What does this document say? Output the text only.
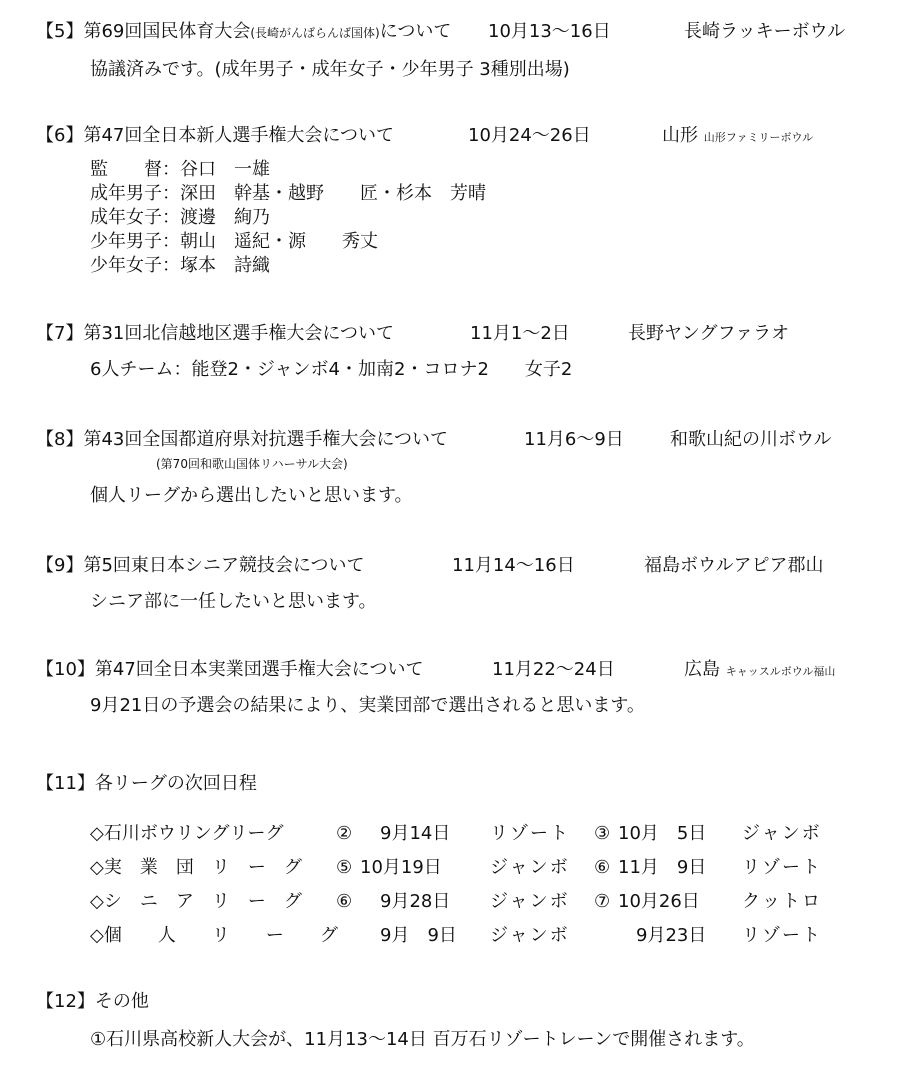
【5】第69回国民体育大会(長崎がんばらんば国体)について 10月13～16日	長崎ラッキーボウル
協議済みです。(成年男子・成年女子・少年男子 3種別出場)
【6】第47回全日本新人選手権大会について	10月24～26日	山形 山形ファミリーボウル
監　　督：谷口　一雄
成年男子：深田　幹基・越野　　匠・杉本　芳晴
成年女子：渡邊　絢乃
少年男子：朝山　遥紀・源　　秀丈
少年女子：塚本　詩織
【7】第31回北信越地区選手権大会について	11月1～2日	長野ヤングファラオ
6人チーム：能登2・ジャンボ4・加南2・コロナ2　　女子2
【8】第43回全国都道府県対抗選手権大会について	11月6～9日	和歌山紀の川ボウル
(第70回和歌山国体リハーサル大会)
個人リーグから選出したいと思います。
【9】第5回東日本シニア競技会について	11月14～16日	福島ボウルアピア郡山
シニア部に一任したいと思います。
【10】第47回全日本実業団選手権大会について	11月22～24日	広島 キャッスルボウル福山
9月21日の予選会の結果により、実業団部で選出されると思います。
【11】各リーグの次回日程
◇石川ボウリングリーグ	② 9月14日 リゾート ③ 10月　5日 ジャンボ
◇実　業　団　リ　ー　グ ⑤ 10月19日	ジャンボ ⑥ 11月　9日 リゾート
◇シ　ニ　ア　リ　ー　グ ⑥ 9月28日 ジャンボ ⑦ 10月26日 クットロ
◇個　　人　　リ　　ー　　グ 9月　9日 ジャンボ	9月23日 リゾート
【12】その他
①石川県高校新人大会が、11月13～14日 百万石リゾートレーンで開催されます。
